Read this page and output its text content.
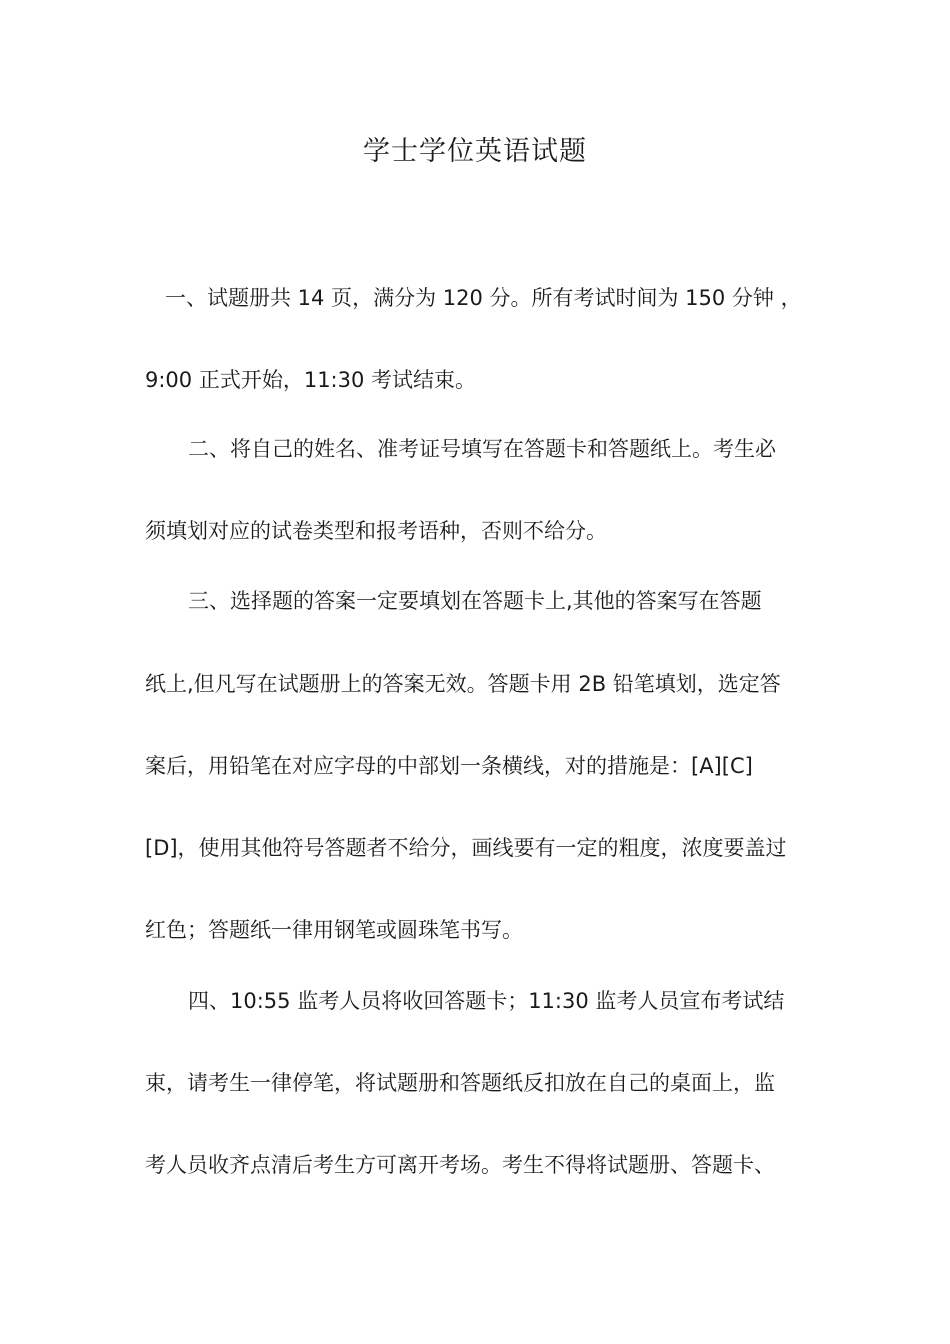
学士学位英语试题
一、试题册共 14 页，满分为 120 分。所有考试时间为 150 分钟 ，
9:00 正式开始，11:30 考试结束。
二、将自己的姓名、准考证号填写在答题卡和答题纸上。考生必
须填划对应的试卷类型和报考语种，否则不给分。
三、选择题的答案一定要填划在答题卡上,其他的答案写在答题
纸上,但凡写在试题册上的答案无效。答题卡用 2B 铅笔填划，选定答
案后，用铅笔在对应字母的中部划一条横线，对的措施是：[A][C]
[D]，使用其他符号答题者不给分，画线要有一定的粗度，浓度要盖过
红色；答题纸一律用钢笔或圆珠笔书写。
四、10:55 监考人员将收回答题卡；11:30 监考人员宣布考试结
束，请考生一律停笔，将试题册和答题纸反扣放在自己的桌面上，监
考人员收齐点清后考生方可离开考场。考生不得将试题册、答题卡、
